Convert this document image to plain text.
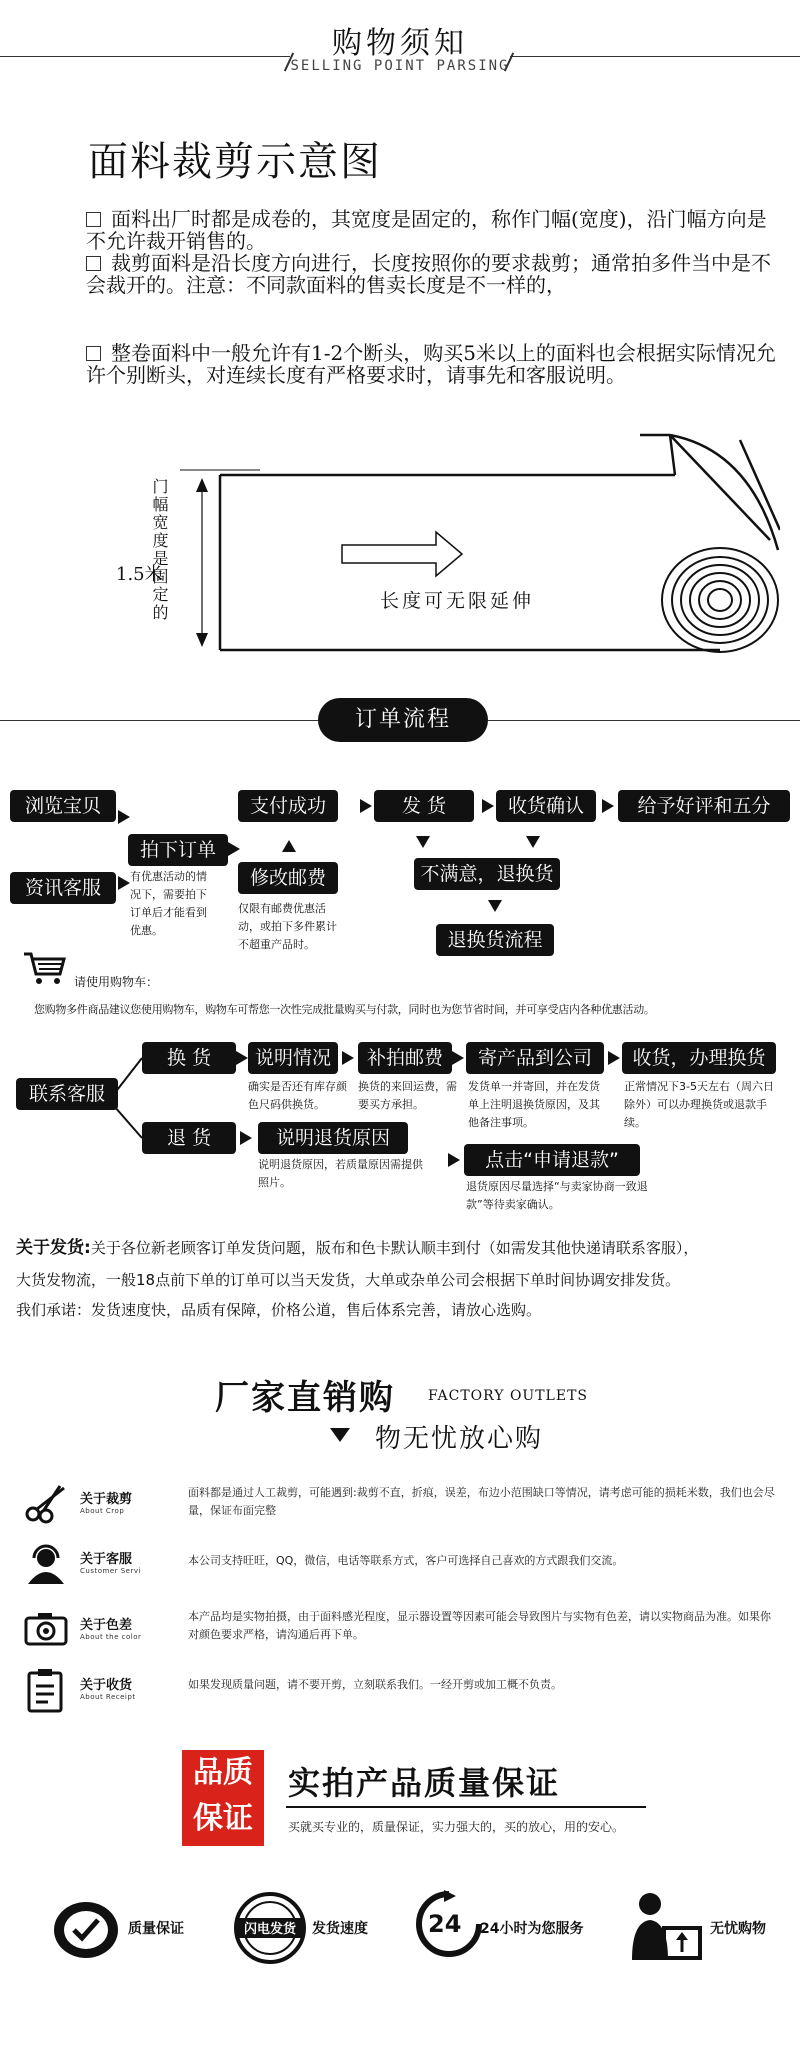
购物须知
SELLING POINT PARSING
面料裁剪示意图
面料出厂时都是成卷的，其宽度是固定的，称作门幅(宽度)，沿门幅方向是不允许裁开销售的。
裁剪面料是沿长度方向进行，长度按照你的要求裁剪；通常拍多件当中是不会裁开的。注意：不同款面料的售卖长度是不一样的，
整卷面料中一般允许有1-2个断头，购买5米以上的面料也会根据实际情况允许个别断头，对连续长度有严格要求时，请事先和客服说明。
1.5米
门幅宽度是固定的	长度可无限延伸
订单流程
浏览宝贝
拍下订单
支付成功	发 货	收货确认	给予好评和五分
资讯客服	修改邮费	不满意，退换货
退换货流程
有优惠活动的情况下，需要拍下订单后才能看到优惠。
仅限有邮费优惠活动，或拍下多件累计不超重产品时。
请使用购物车：
您购物多件商品建议您使用购物车，购物车可帮您一次性完成批量购买与付款，同时也为您节省时间，并可享受店内各种优惠活动。
联系客服
换 货	说明情况	补拍邮费	寄产品到公司	收货，办理换货
退 货	说明退货原因
点击“申请退款”
确实是否还有库存颜色尺码供换货。
换货的来回运费，需要买方承担。
发货单一并寄回，并在发货单上注明退换货原因，及其他备注事项。
正常情况下3-5天左右（周六日除外）可以办理换货或退款手续。
说明退货原因，若质量原因需提供照片。	退货原因尽量选择“与卖家协商一致退款”等待卖家确认。
关于发货:关于各位新老顾客订单发货问题，版布和色卡默认顺丰到付（如需发其他快递请联系客服），
大货发物流，一般18点前下单的订单可以当天发货，大单或杂单公司会根据下单时间协调安排发货。
我们承诺：发货速度快，品质有保障，价格公道，售后体系完善，请放心选购。
厂家直销购 FACTORY OUTLETS
物无忧放心购
关于裁剪
About Crop
面料都是通过人工裁剪，可能遇到:裁剪不直，折痕，误差，布边小范围缺口等情况，请考虑可能的损耗米数，我们也会尽量，保证布面完整
关于客服
Customer Servi
本公司支持旺旺，QQ，微信，电话等联系方式，客户可选择自己喜欢的方式跟我们交流。
关于色差
About the color
本产品均是实物拍摄，由于面料感光程度，显示器设置等因素可能会导致图片与实物有色差，请以实物商品为准。如果你对颜色要求严格，请沟通后再下单。
关于收货
About Receipt
如果发现质量问题，请不要开剪，立刻联系我们。一经开剪或加工概不负责。
品质
保证
实拍产品质量保证
买就买专业的，质量保证，实力强大的，买的放心，用的安心。
质量保证	闪电发货	发货速度	24 24小时为您服务	无忧购物
